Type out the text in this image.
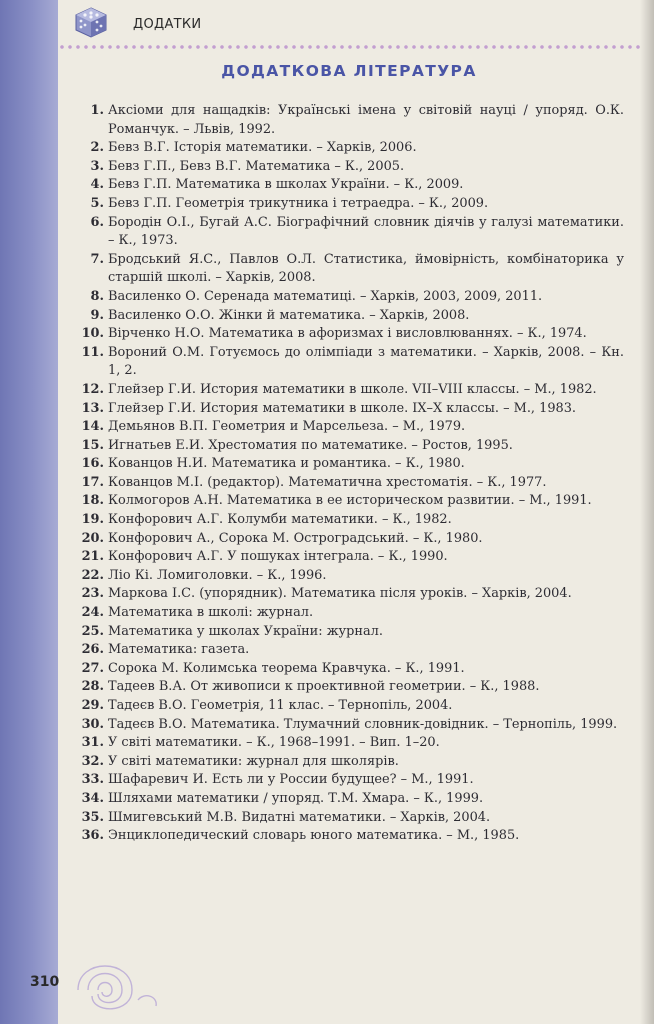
ДОДАТКИ
ДОДАТКОВА ЛІТЕРАТУРА
1. Аксіоми для нащадків: Українські імена у світовій науці / упоряд. О.К. Романчук. – Львів, 1992.
2. Бевз В.Г. Історія математики. – Харків, 2006.
3. Бевз Г.П., Бевз В.Г. Математика – К., 2005.
4. Бевз Г.П. Математика в школах України. – К., 2009.
5. Бевз Г.П. Геометрія трикутника і тетраедра. – К., 2009.
6. Бородін О.І., Бугай А.С. Біографічний словник діячів у галузі математики. – К., 1973.
7. Бродський Я.С., Павлов О.Л. Статистика, ймовірність, комбінаторика у старшій школі. – Харків, 2008.
8. Василенко О. Серенада математиці. – Харків, 2003, 2009, 2011.
9. Василенко О.О. Жінки й математика. – Харків, 2008.
10. Вірченко Н.О. Математика в афоризмах і висловлюваннях. – К., 1974.
11. Вороний О.М. Готуємось до олімпіади з математики. – Харків, 2008. – Кн. 1, 2.
12. Глейзер Г.И. История математики в школе. VII–VIII классы. – М., 1982.
13. Глейзер Г.И. История математики в школе. IX–X классы. – М., 1983.
14. Демьянов В.П. Геометрия и Марсельеза. – М., 1979.
15. Игнатьев Е.И. Хрестоматия по математике. – Ростов, 1995.
16. Кованцов Н.И. Математика и романтика. – К., 1980.
17. Кованцов М.І. (редактор). Математична хрестоматія. – К., 1977.
18. Колмогоров А.Н. Математика в ее историческом развитии. – М., 1991.
19. Конфорович А.Г. Колумби математики. – К., 1982.
20. Конфорович А., Сорока М. Остроградський. – К., 1980.
21. Конфорович А.Г. У пошуках інтеграла. – К., 1990.
22. Ліо Кі. Ломиголовки. – К., 1996.
23. Маркова І.С. (упорядник). Математика після уроків. – Харків, 2004.
24. Математика в школі: журнал.
25. Математика у школах України: журнал.
26. Математика: газета.
27. Сорока М. Колимська теорема Кравчука. – К., 1991.
28. Тадеев В.А. От живописи к проективной геометрии. – К., 1988.
29. Тадеєв В.О. Геометрія, 11 клас. – Тернопіль, 2004.
30. Тадеєв В.О. Математика. Тлумачний словник-довідник. – Тернопіль, 1999.
31. У світі математики. – К., 1968–1991. – Вип. 1–20.
32. У світі математики: журнал для школярів.
33. Шафаревич И. Есть ли у России будущее? – М., 1991.
34. Шляхами математики / упоряд. Т.М. Хмара. – К., 1999.
35. Шмигевський М.В. Видатні математики. – Харків, 2004.
36. Энциклопедический словарь юного математика. – М., 1985.
310
